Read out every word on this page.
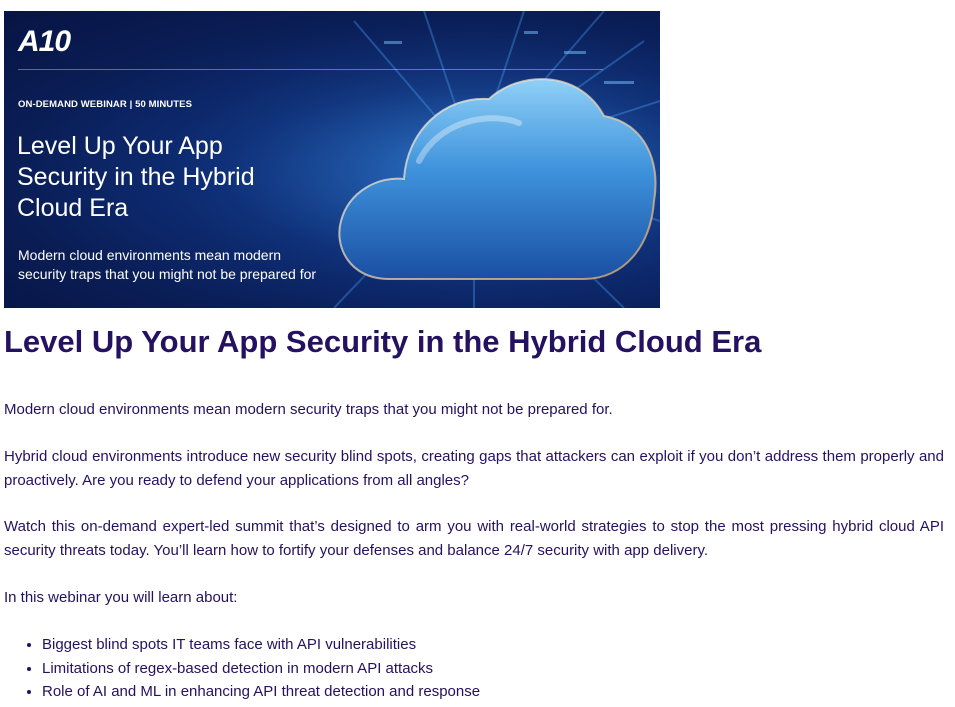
A10
ON-DEMAND WEBINAR | 50 MINUTES
Level Up Your App Security in the Hybrid Cloud Era
Modern cloud environments mean modern security traps that you might not be prepared for
Level Up Your App Security in the Hybrid Cloud Era

Modern cloud environments mean modern security traps that you might not be prepared for.

Hybrid cloud environments introduce new security blind spots, creating gaps that attackers can exploit if you don’t address them properly and proactively. Are you ready to defend your applications from all angles?

Watch this on-demand expert-led summit that’s designed to arm you with real-world strategies to stop the most pressing hybrid cloud API security threats today. You’ll learn how to fortify your defenses and balance 24/7 security with app delivery.

In this webinar you will learn about:

• Biggest blind spots IT teams face with API vulnerabilities
• Limitations of regex-based detection in modern API attacks
• Role of AI and ML in enhancing API threat detection and response
